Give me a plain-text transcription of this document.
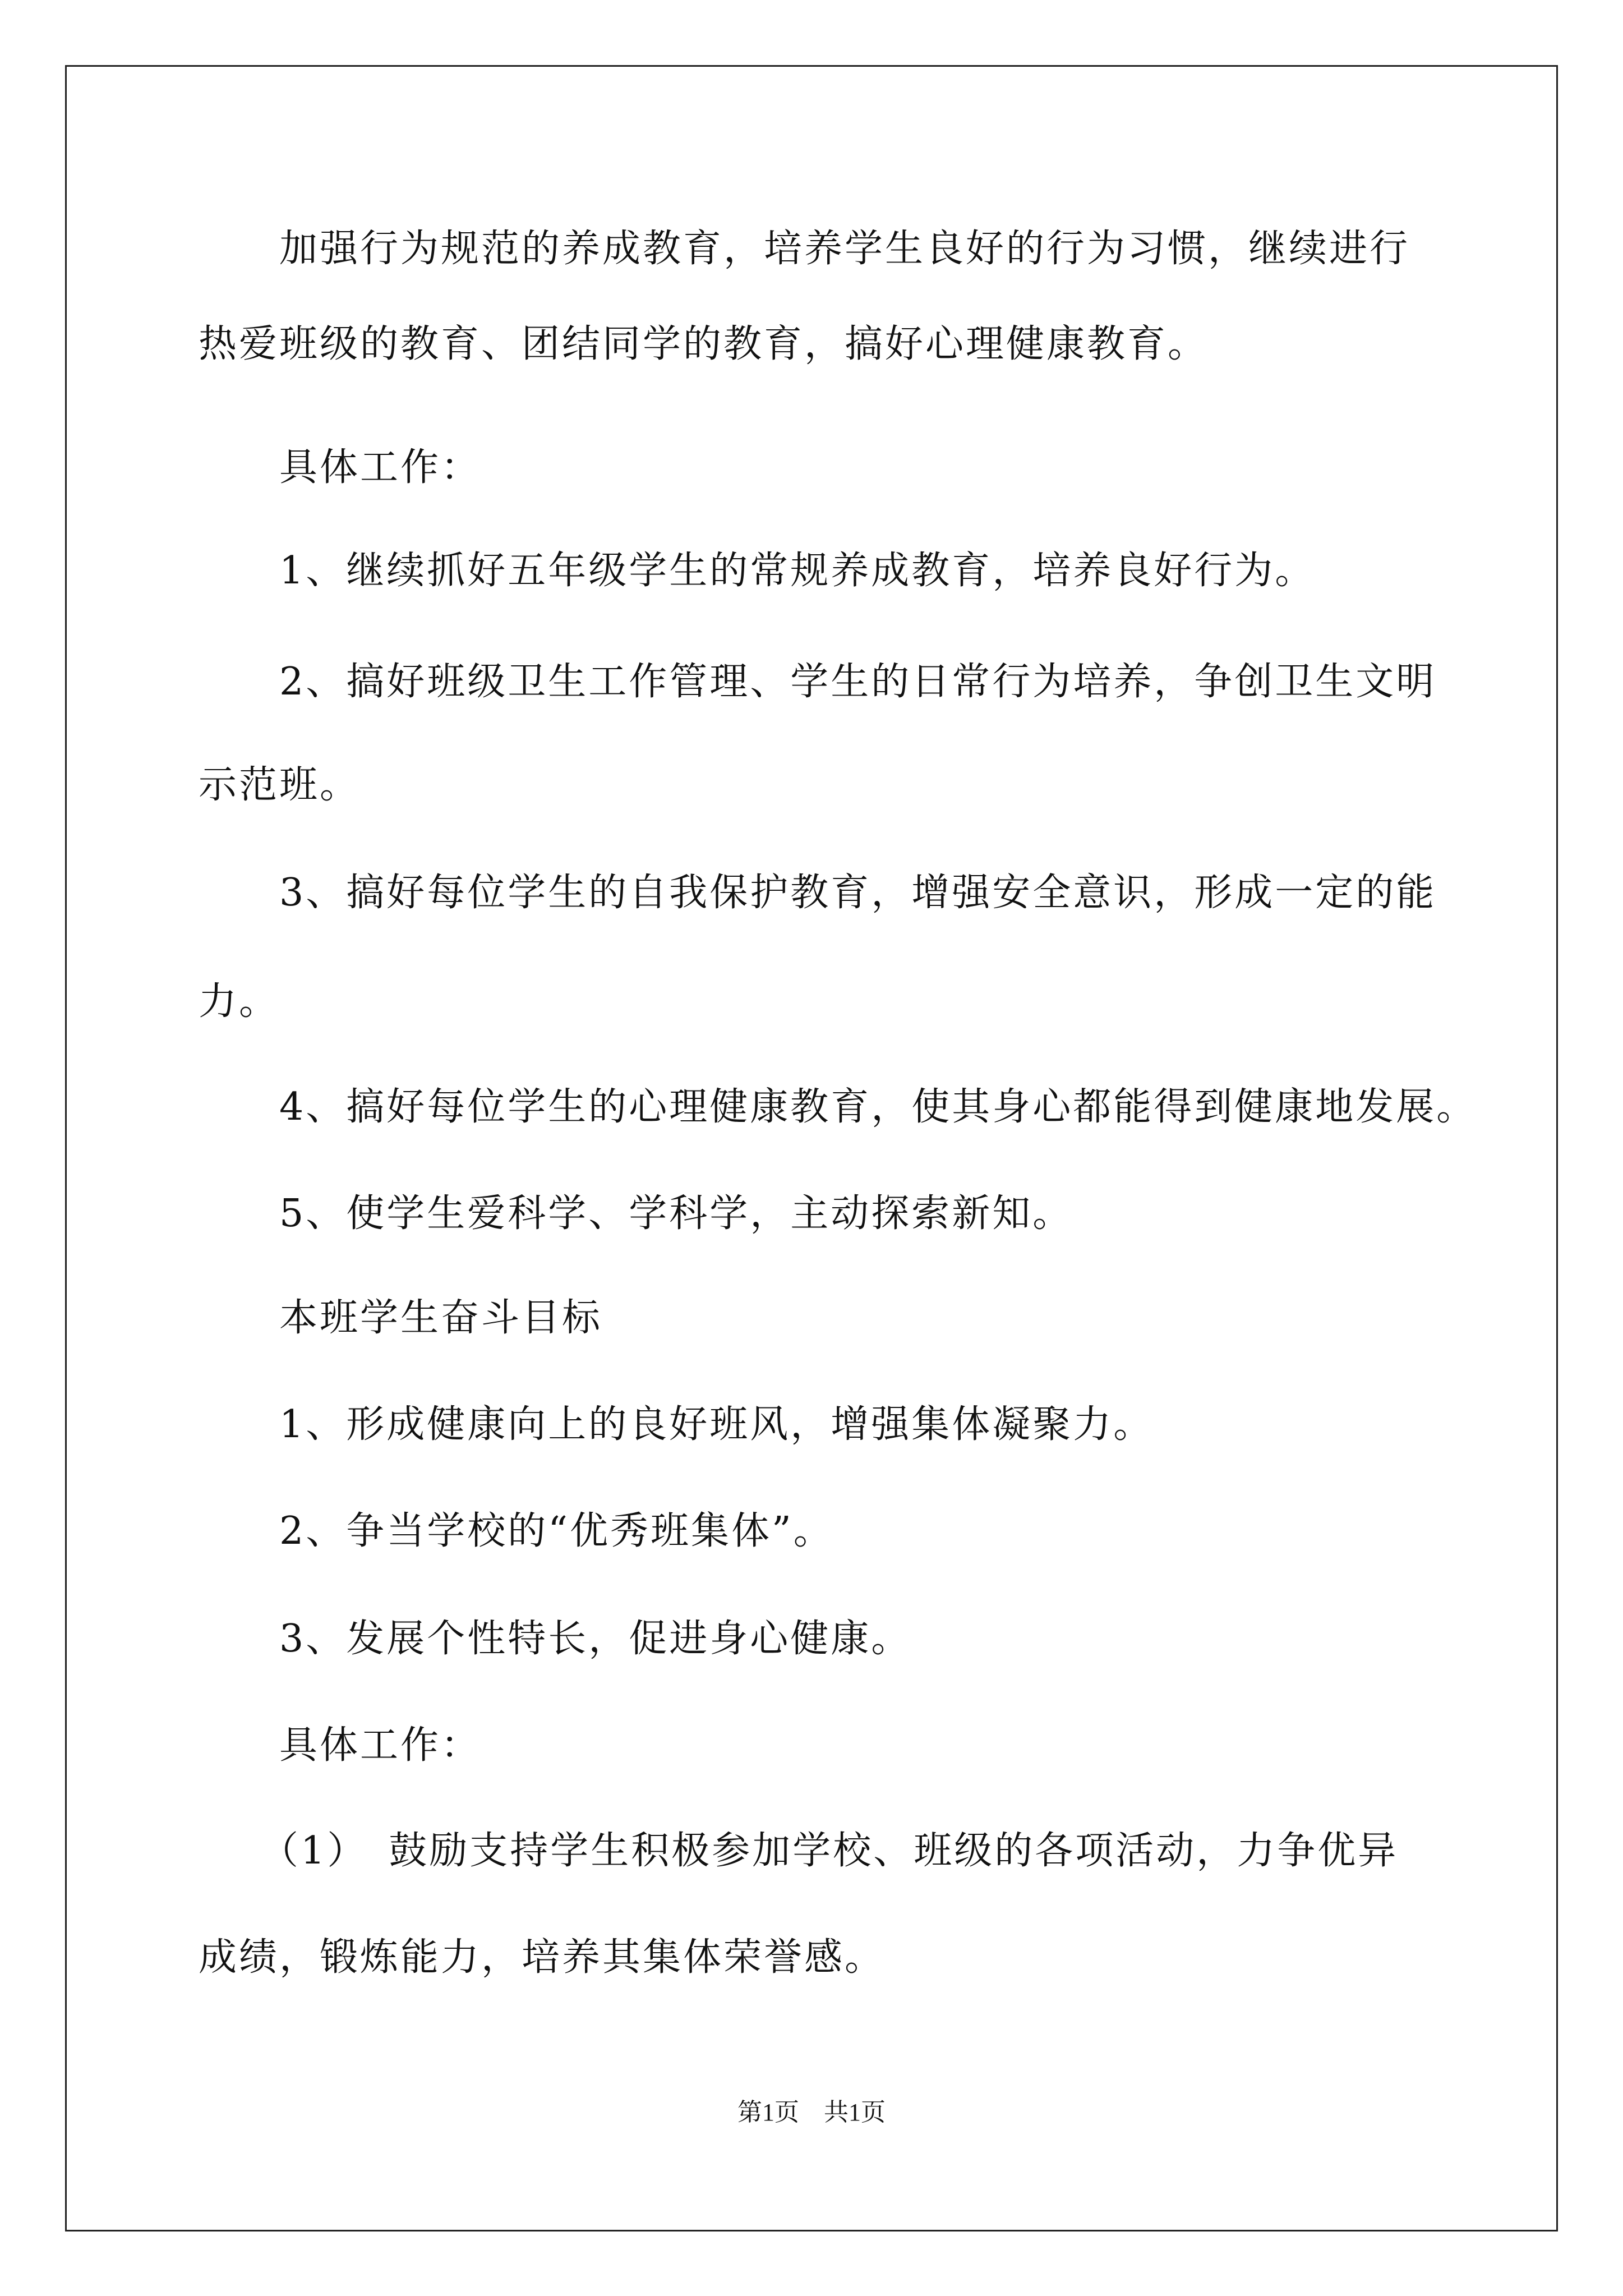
　　加强行为规范的养成教育，培养学生良好的行为习惯，继续进行
热爱班级的教育、团结同学的教育，搞好心理健康教育。
　　具体工作：
　　1、继续抓好五年级学生的常规养成教育，培养良好行为。
　　2、搞好班级卫生工作管理、学生的日常行为培养，争创卫生文明
示范班。
　　3、搞好每位学生的自我保护教育，增强安全意识，形成一定的能
力。
　　4、搞好每位学生的心理健康教育，使其身心都能得到健康地发展。
　　5、使学生爱科学、学科学，主动探索新知。
　　本班学生奋斗目标
　　1、形成健康向上的良好班风，增强集体凝聚力。
　　2、争当学校的“优秀班集体”。
　　3、发展个性特长，促进身心健康。
　　具体工作：
　　（1）　鼓励支持学生积极参加学校、班级的各项活动，力争优异
成绩，锻炼能力，培养其集体荣誉感。
第1页　共1页
